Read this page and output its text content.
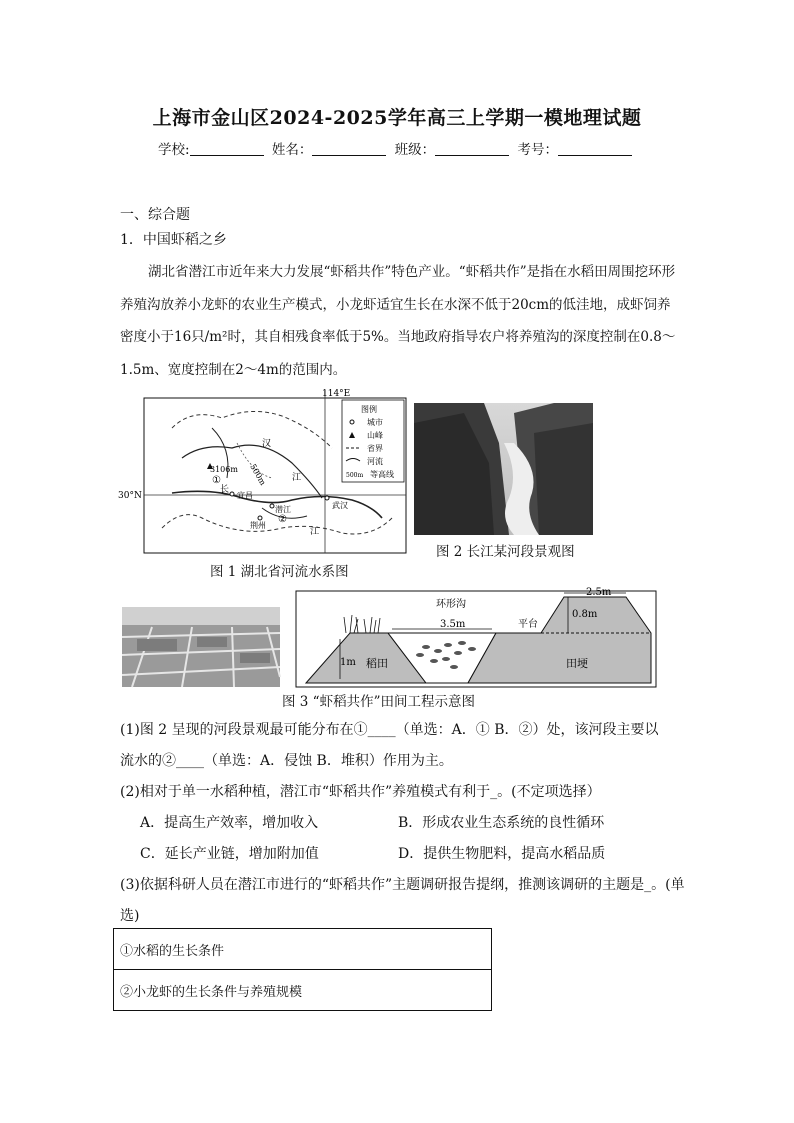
上海市金山区2024-2025学年高三上学期一模地理试题
学校:	姓名：	班级：	考号：
一、综合题
1．中国虾稻之乡
湖北省潜江市近年来大力发展“虾稻共作”特色产业。“虾稻共作”是指在水稻田周围挖环形养殖沟放养小龙虾的农业生产模式，小龙虾适宜生长在水深不低于20cm的低洼地，成虾饲养密度小于16只/m²时，其自相残食率低于5%。当地政府指导农户将养殖沟的深度控制在0.8～1.5m、宽度控制在2～4m的范围内。
114°E
30°N
3106m 500m
①
②
汉
江
长
宜昌
潜江
荆州
武汉
江
图例
城市
山峰
省界
河流
500m 等高线
图 1 湖北省河流水系图
图 2 长江某河段景观图
环形沟
3.5m	平台
2.5m
0.8m
1m 稻田	田埂
图 3 “虾稻共作”田间工程示意图
(1)图 2 呈现的河段景观最可能分布在①____（单选：A．① B．②）处，该河段主要以
流水的②____（单选：A．侵蚀 B．堆积）作用为主。
(2)相对于单一水稻种植，潜江市“虾稻共作”养殖模式有利于_。(不定项选择）
A．提高生产效率，增加收入	B．形成农业生态系统的良性循环
C．延长产业链，增加附加值	D．提供生物肥料，提高水稻品质
(3)依据科研人员在潜江市进行的“虾稻共作”主题调研报告提纲，推测该调研的主题是_。(单
选)
①水稻的生长条件
②小龙虾的生长条件与养殖规模
